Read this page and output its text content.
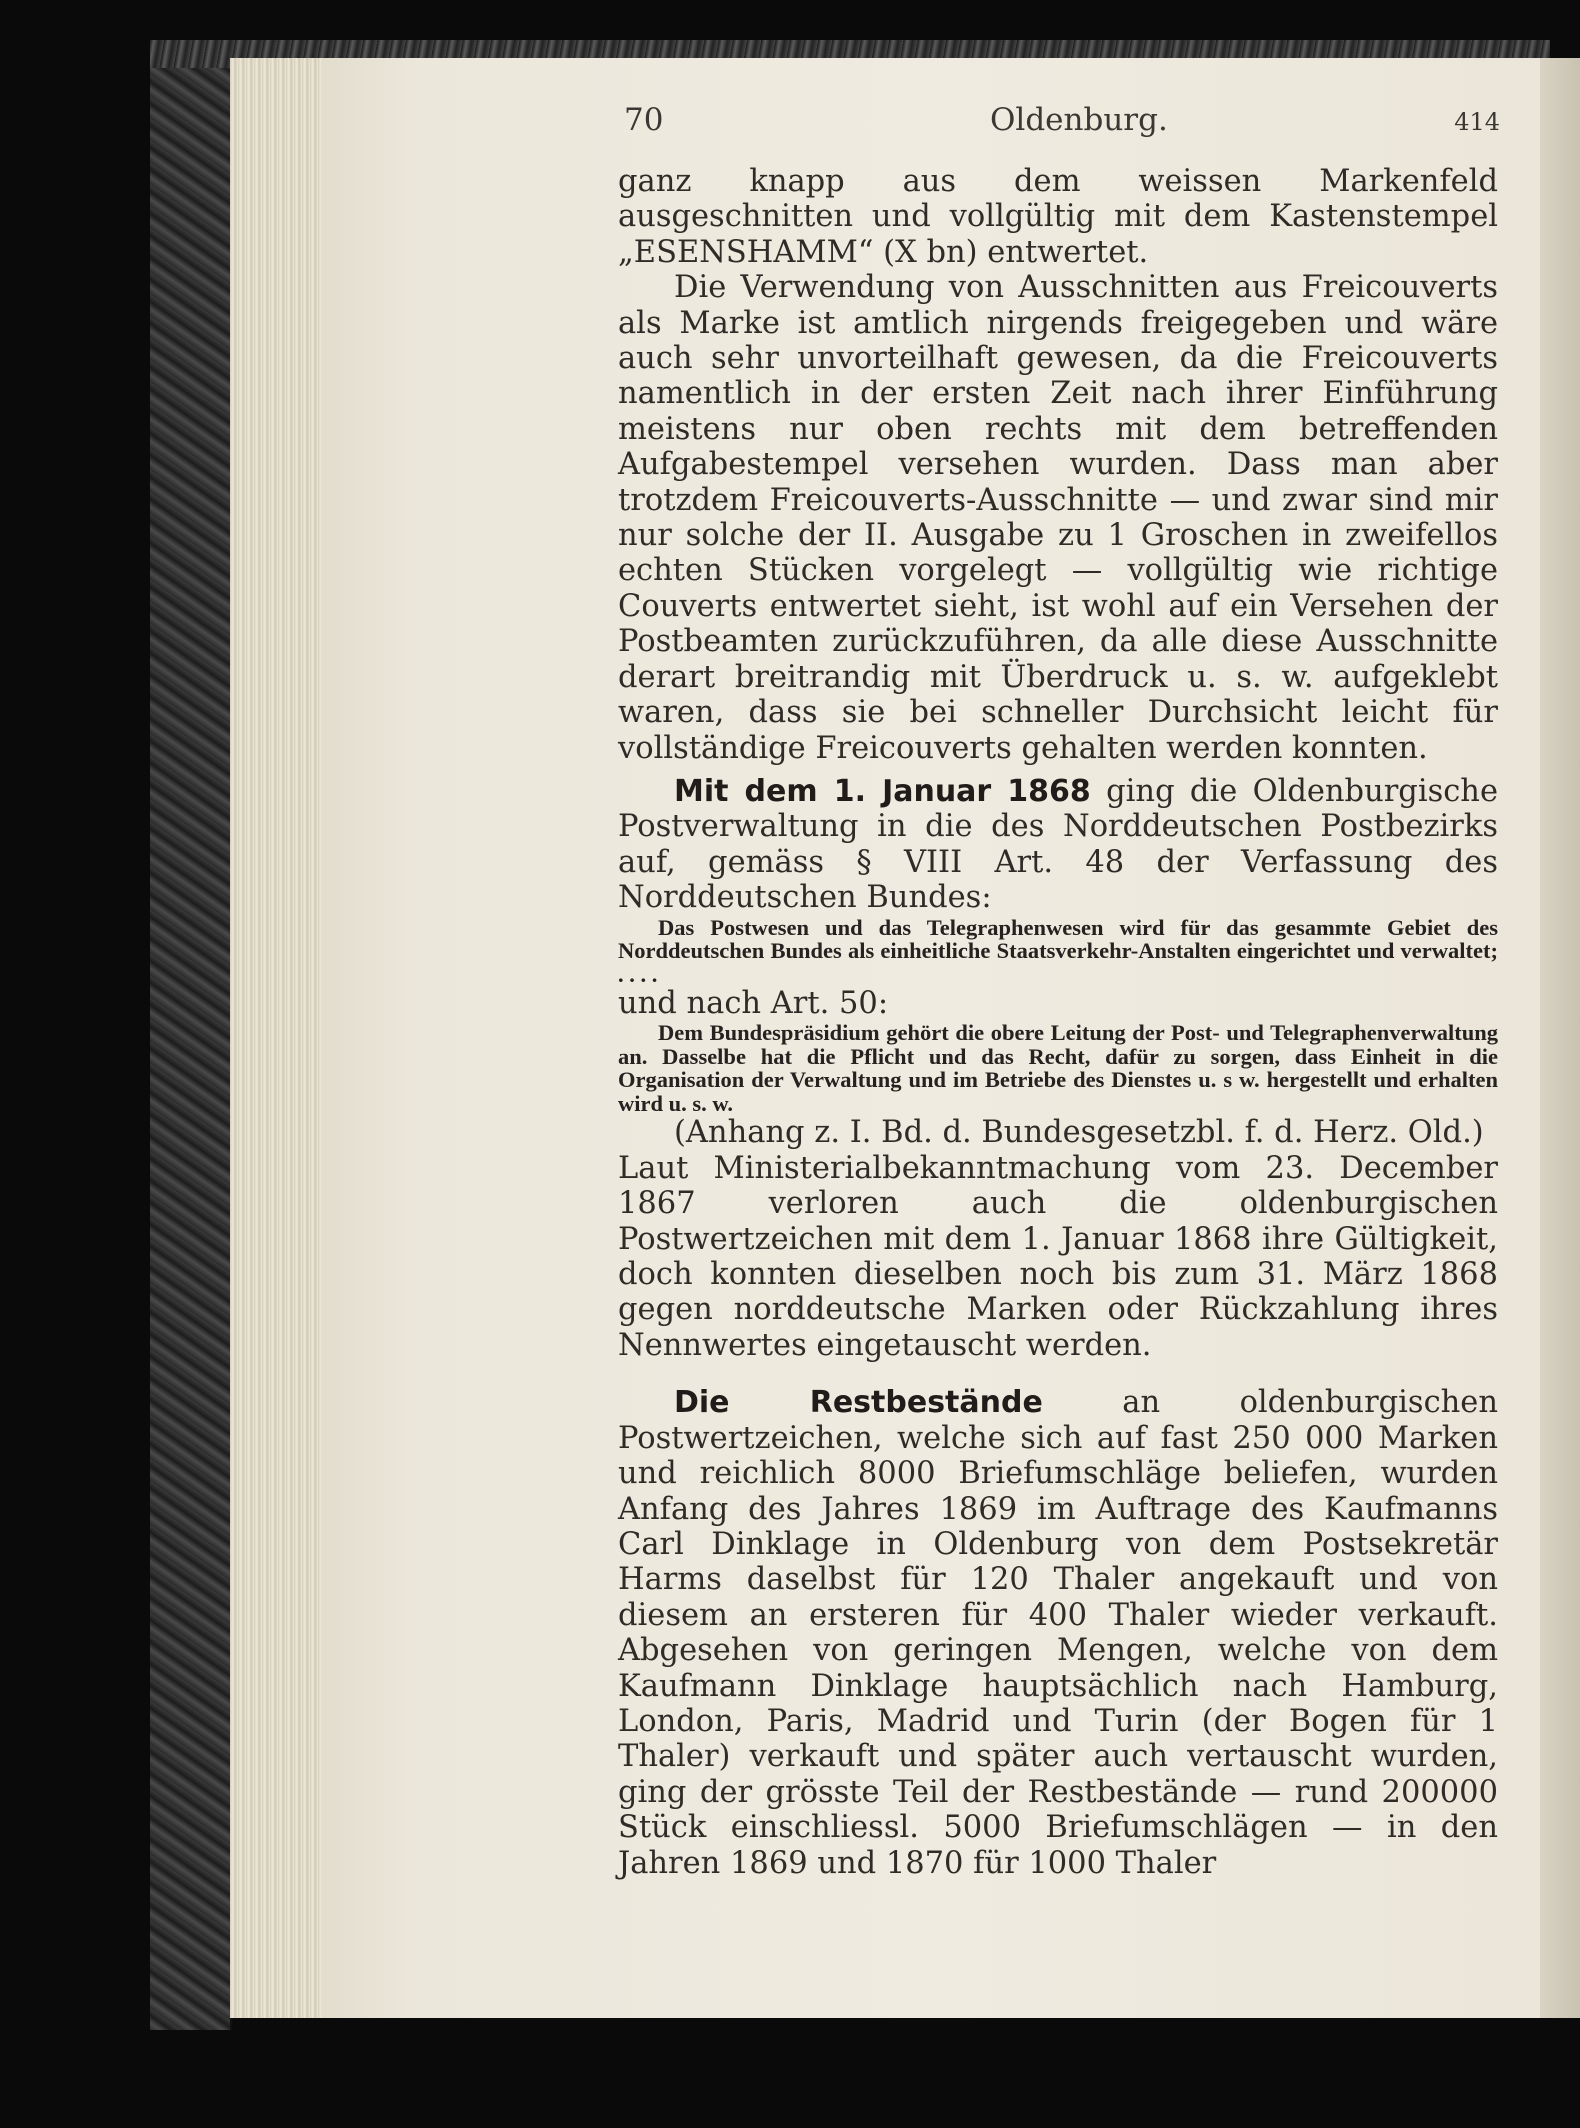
70	Oldenburg.	414

ganz knapp aus dem weissen Markenfeld ausgeschnitten und vollgültig mit dem Kastenstempel „ESENSHAMM“ (X bn) entwertet.

Die Verwendung von Ausschnitten aus Freicouverts als Marke ist amtlich nirgends freigegeben und wäre auch sehr unvorteilhaft gewesen, da die Freicouverts namentlich in der ersten Zeit nach ihrer Einführung meistens nur oben rechts mit dem betreffenden Aufgabestempel versehen wurden. Dass man aber trotzdem Freicouverts-Ausschnitte — und zwar sind mir nur solche der II. Ausgabe zu 1 Groschen in zweifellos echten Stücken vorgelegt — vollgültig wie richtige Couverts entwertet sieht, ist wohl auf ein Versehen der Postbeamten zurückzuführen, da alle diese Ausschnitte derart breitrandig mit Überdruck u. s. w. aufgeklebt waren, dass sie bei schneller Durchsicht leicht für vollständige Freicouverts gehalten werden konnten.

Mit dem 1. Januar 1868 ging die Oldenburgische Postverwaltung in die des Norddeutschen Postbezirks auf, gemäss § VIII Art. 48 der Verfassung des Norddeutschen Bundes:

Das Postwesen und das Telegraphenwesen wird für das gesammte Gebiet des Norddeutschen Bundes als einheitliche Staatsverkehr-Anstalten eingerichtet und verwaltet; . . . .

und nach Art. 50:

Dem Bundespräsidium gehört die obere Leitung der Post- und Telegraphenverwaltung an. Dasselbe hat die Pflicht und das Recht, dafür zu sorgen, dass Einheit in die Organisation der Verwaltung und im Betriebe des Dienstes u. s w. hergestellt und erhalten wird u. s. w.

(Anhang z. I. Bd. d. Bundesgesetzbl. f. d. Herz. Old.)

Laut Ministerialbekanntmachung vom 23. December 1867 verloren auch die oldenburgischen Postwertzeichen mit dem 1. Januar 1868 ihre Gültigkeit, doch konnten dieselben noch bis zum 31. März 1868 gegen norddeutsche Marken oder Rückzahlung ihres Nennwertes eingetauscht werden.

Die Restbestände an oldenburgischen Postwertzeichen, welche sich auf fast 250 000 Marken und reichlich 8000 Briefumschläge beliefen, wurden Anfang des Jahres 1869 im Auftrage des Kaufmanns Carl Dinklage in Oldenburg von dem Postsekretär Harms daselbst für 120 Thaler angekauft und von diesem an ersteren für 400 Thaler wieder verkauft. Abgesehen von geringen Mengen, welche von dem Kaufmann Dinklage hauptsächlich nach Hamburg, London, Paris, Madrid und Turin (der Bogen für 1 Thaler) verkauft und später auch vertauscht wurden, ging der grösste Teil der Restbestände — rund 200000 Stück einschliessl. 5000 Briefumschlägen — in den Jahren 1869 und 1870 für 1000 Thaler
